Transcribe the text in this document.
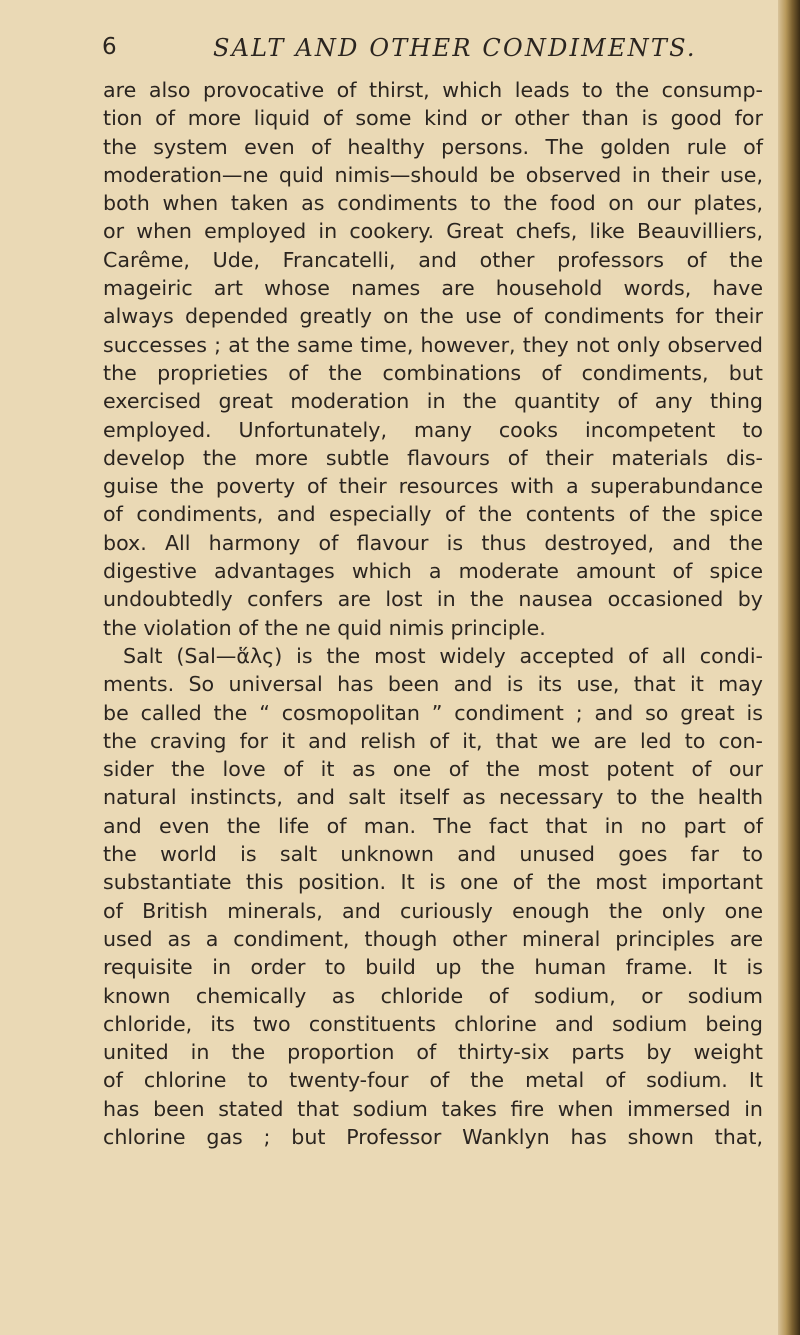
6	SALT AND OTHER CONDIMENTS.
are also provocative of thirst, which leads to the consump-
tion of more liquid of some kind or other than is good for
the system even of healthy persons. The golden rule of
moderation—ne quid nimis—should be observed in their use,
both when taken as condiments to the food on our plates,
or when employed in cookery. Great chefs, like Beauvilliers,
Carême, Ude, Francatelli, and other professors of the
mageiric art whose names are household words, have
always depended greatly on the use of condiments for their
successes ; at the same time, however, they not only observed
the proprieties of the combinations of condiments, but
exercised great moderation in the quantity of any thing
employed. Unfortunately, many cooks incompetent to
develop the more subtle flavours of their materials dis-
guise the poverty of their resources with a superabundance
of condiments, and especially of the contents of the spice
box. All harmony of flavour is thus destroyed, and the
digestive advantages which a moderate amount of spice
undoubtedly confers are lost in the nausea occasioned by
the violation of the ne quid nimis principle.
Salt (Sal—ἅλς) is the most widely accepted of all condi-
ments. So universal has been and is its use, that it may
be called the “ cosmopolitan ” condiment ; and so great is
the craving for it and relish of it, that we are led to con-
sider the love of it as one of the most potent of our
natural instincts, and salt itself as necessary to the health
and even the life of man. The fact that in no part of
the world is salt unknown and unused goes far to
substantiate this position. It is one of the most important
of British minerals, and curiously enough the only one
used as a condiment, though other mineral principles are
requisite in order to build up the human frame. It is
known chemically as chloride of sodium, or sodium
chloride, its two constituents chlorine and sodium being
united in the proportion of thirty-six parts by weight
of chlorine to twenty-four of the metal of sodium. It
has been stated that sodium takes fire when immersed in
chlorine gas ; but Professor Wanklyn has shown that,
